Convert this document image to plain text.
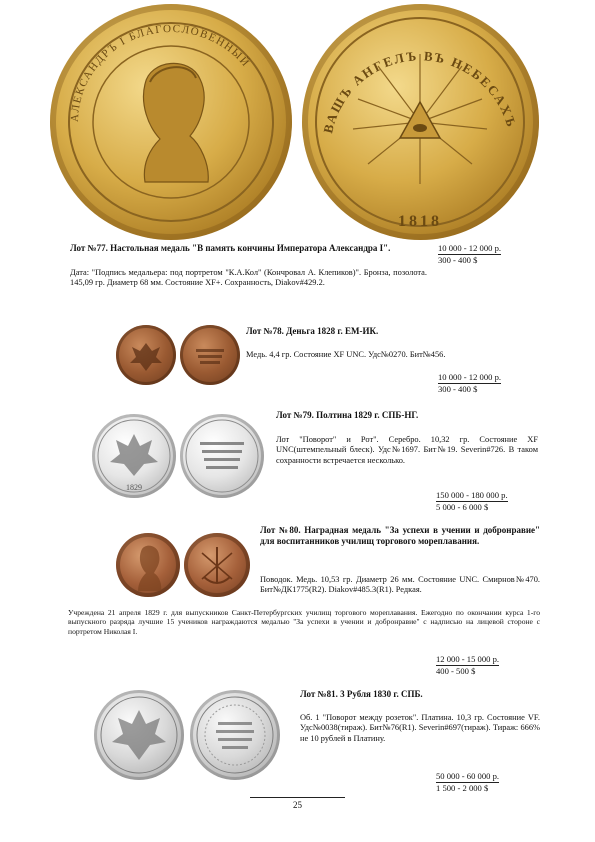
АЛЕКСАНДРЪ I БЛАГОСЛОВЕННЫЙ
ВАШЪ АНГЕЛЪ ВЪ НЕБЕСАХЪ
1818
Лот №77. Настольная медаль "В память кончины Императора Александра I".
Дата: "Подпись медальера: под портретом "К.А.Кол" (Кончровал А. Клепиков)". Бронза, позолота. 145,09 гр. Диаметр 68 мм. Состояние XF+. Сохранность, Diakov#429.2.
10 000 - 12 000 р.
300 - 400 $
Лот №78. Деньга 1828 г. ЕМ-ИК.
Медь. 4,4 гр. Состояние XF UNC. Удс№0270. Бит№456.
10 000 - 12 000 р.
300 - 400 $
1829
Лот №79. Полтина 1829 г. СПБ-НГ.
Лот "Поворот" и Рот". Серебро. 10,32 гр. Состояние XF UNC(штемпельный блеск). Удс№1697. Бит№19. Severin#726. В таком сохранности встречается несколько.
150 000 - 180 000 р.
5 000 - 6 000 $
Лот №80. Наградная медаль "За успехи в учении и добронравие" для воспитанников училищ торгового мореплавания.
Поводок. Медь. 10,53 гр. Диаметр 26 мм. Состояние UNC. Смирнов№470. Бит№ДК1775(R2). Diakov#485.3(R1). Редкая.
Учреждена 21 апреля 1829 г. для выпускников Санкт-Петербургских училищ торгового мореплавания. Ежегодно по окончании курса 1-го выпускного разряда лучшие 15 учеников награждаются медалью "За успехи в учении и добронравие" с надписью на лицевой стороне с портретом Николая I.
12 000 - 15 000 р.
400 - 500 $
Лот №81. 3 Рубля 1830 г. СПБ.
Об. 1 "Поворот между розеток". Платина. 10,3 гр. Состояние VF. Удс№0038(тираж). Бит№76(R1). Severin#697(тираж). Тираж: 666% не 10 рублей в Платину.
50 000 - 60 000 р.
1 500 - 2 000 $
25
